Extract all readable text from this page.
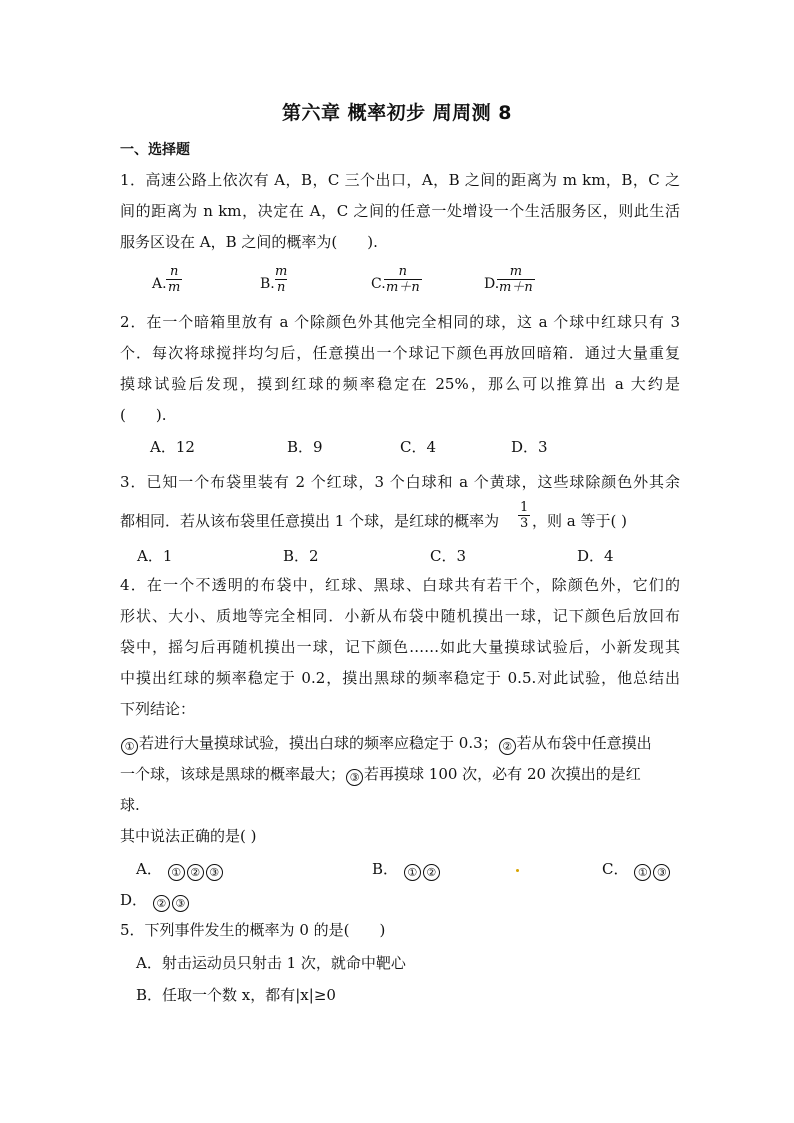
第六章 概率初步 周周测 8
一、选择题
1．高速公路上依次有 A，B，C 三个出口，A，B 之间的距离为 m km，B，C 之
间的距离为 n km，决定在 A，C 之间的任意一处增设一个生活服务区，则此生活
服务区设在 A，B 之间的概率为(　　).
A. $\frac{n}{m}$	B.
$\frac{m}{n}$	C.
$\frac{n}{m+n}$	D.
$\frac{m}{m+n}$
2．在一个暗箱里放有 a 个除颜色外其他完全相同的球，这 a 个球中红球只有 3
个．每次将球搅拌均匀后，任意摸出一个球记下颜色再放回暗箱．通过大量重复
摸球试验后发现，摸到红球的频率稳定在 25%，那么可以推算出 a 大约是
(　　).
A．12	B．9	C．4	D．3
3．已知一个布袋里装有 2 个红球，3 个白球和 a 个黄球，这些球除颜色外其余
都相同．若从该布袋里任意摸出 1 个球，是红球的概率为 $\frac{1}{3}$ ，则 a 等于( )
A．1	B．2	C．3	D．4
4．在一个不透明的布袋中，红球、黑球、白球共有若干个，除颜色外，它们的
形状、大小、质地等完全相同．小新从布袋中随机摸出一球，记下颜色后放回布
袋中，摇匀后再随机摸出一球，记下颜色……如此大量摸球试验后，小新发现其
中摸出红球的频率稳定于 0.2，摸出黑球的频率稳定于 0.5.对此试验，他总结出
下列结论：
① 若进行大量摸球试验，摸出白球的频率应稳定于 0.3； ② 若从布袋中任意摸出
一个球，该球是黑球的概率最大； ③ 若再摸球 100 次，必有 20 次摸出的是红
球.
其中说法正确的是( )
A． ① ② ③	B． ① ②	C． ① ③
D． ② ③
5．下列事件发生的概率为 0 的是(　　)
A．射击运动员只射击 1 次，就命中靶心
B．任取一个数 x，都有|x|≥0
